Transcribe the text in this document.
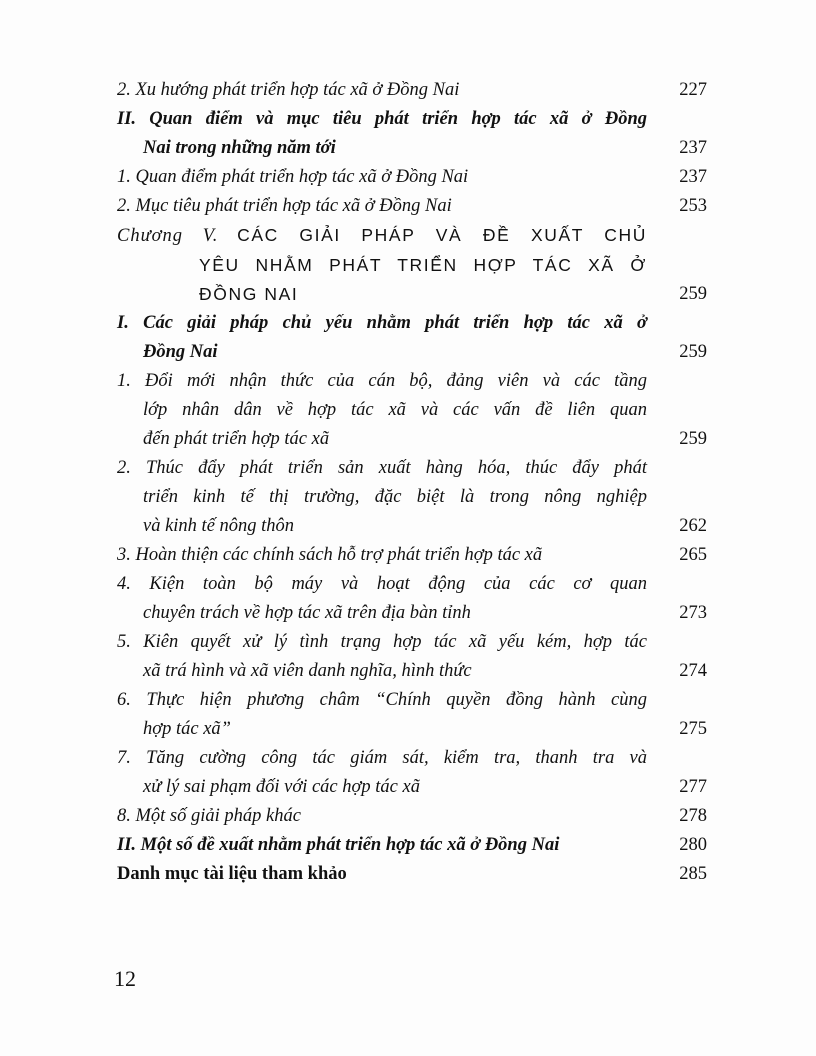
2. Xu hướng phát triển hợp tác xã ở Đồng Nai	227
II. Quan điểm và mục tiêu phát triển hợp tác xã ở Đồng
Nai trong những năm tới	237
1. Quan điểm phát triển hợp tác xã ở Đồng Nai	237
2. Mục tiêu phát triển hợp tác xã ở Đồng Nai	253
Chương V. CÁC GIẢI PHÁP VÀ ĐỀ XUẤT CHỦ
YÊU NHẰM PHÁT TRIỂN HỢP TÁC XÃ Ở
ĐỒNG NAI	259
I. Các giải pháp chủ yếu nhằm phát triển hợp tác xã ở
Đồng Nai	259
1. Đổi mới nhận thức của cán bộ, đảng viên và các tầng
lớp nhân dân về hợp tác xã và các vấn đề liên quan
đến phát triển hợp tác xã	259
2. Thúc đẩy phát triển sản xuất hàng hóa, thúc đẩy phát
triển kinh tế thị trường, đặc biệt là trong nông nghiệp
và kinh tế nông thôn	262
3. Hoàn thiện các chính sách hỗ trợ phát triển hợp tác xã	265
4. Kiện toàn bộ máy và hoạt động của các cơ quan
chuyên trách về hợp tác xã trên địa bàn tỉnh	273
5. Kiên quyết xử lý tình trạng hợp tác xã yếu kém, hợp tác
xã trá hình và xã viên danh nghĩa, hình thức	274
6. Thực hiện phương châm “Chính quyền đồng hành cùng
hợp tác xã”	275
7. Tăng cường công tác giám sát, kiểm tra, thanh tra và
xử lý sai phạm đối với các hợp tác xã	277
8. Một số giải pháp khác	278
II. Một số đề xuất nhằm phát triển hợp tác xã ở Đồng Nai	280
Danh mục tài liệu tham khảo	285
12
